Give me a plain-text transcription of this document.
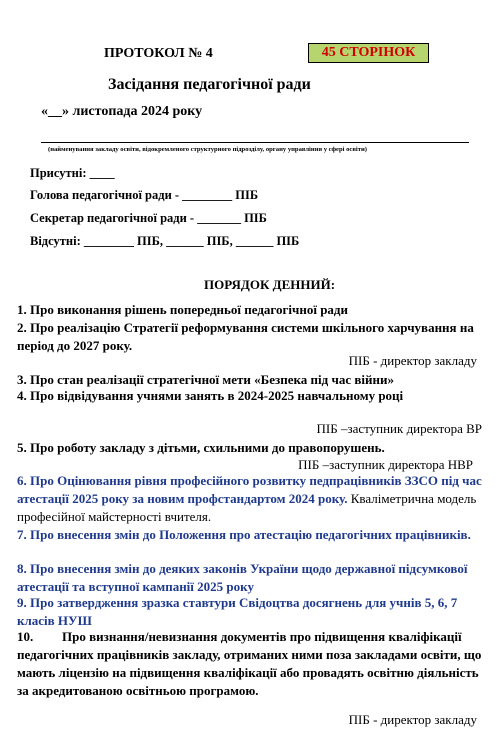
ПРОТОКОЛ № 4	45 СТОРІНОК
Засідання педагогічної ради
«__» листопада 2024 року
(найменування закладу освіти, відокремленого структурного підрозділу, органу управління у сфері освіти)
Присутні: ____
Голова педагогічної ради - ________ ПІБ
Секретар педагогічної ради - _______ ПІБ
Відсутні: ________ ПІБ, ______ ПІБ, ______ ПІБ
ПОРЯДОК ДЕННИЙ:
1. Про виконання рішень попередньої педагогічної ради
2. Про реалізацію Стратегії реформування системи шкільного харчування на період до 2027 року.
ПІБ - директор закладу
3. Про стан реалізації стратегічної мети «Безпека під час війни»
4. Про відвідування учнями занять в 2024-2025 навчальному році
ПІБ –заступник директора ВР
5. Про роботу закладу з дітьми, схильними до правопорушень.
ПІБ –заступник директора НВР
6. Про Оцінювання рівня професійного розвитку педпрацівників ЗЗСО під час атестації 2025 року за новим профстандартом 2024 року. Кваліметрична модель професійної майстерності вчителя.
7. Про внесення змін до Положення про атестацію педагогічних працівників.
8. Про внесення змін до деяких законів України щодо державної підсумкової атестації та вступної кампанії 2025 року
9. Про затвердження зразка ставтури Свідоцтва досягнень для учнів 5, 6, 7 класів НУШ
10. Про визнання/невизнання документів про підвищення кваліфікації педагогічних працівників закладу, отриманих ними поза закладами освіти, що мають ліцензію на підвищення кваліфікації або провадять освітню діяльність за акредитованою освітньою програмою.
ПІБ - директор закладу
